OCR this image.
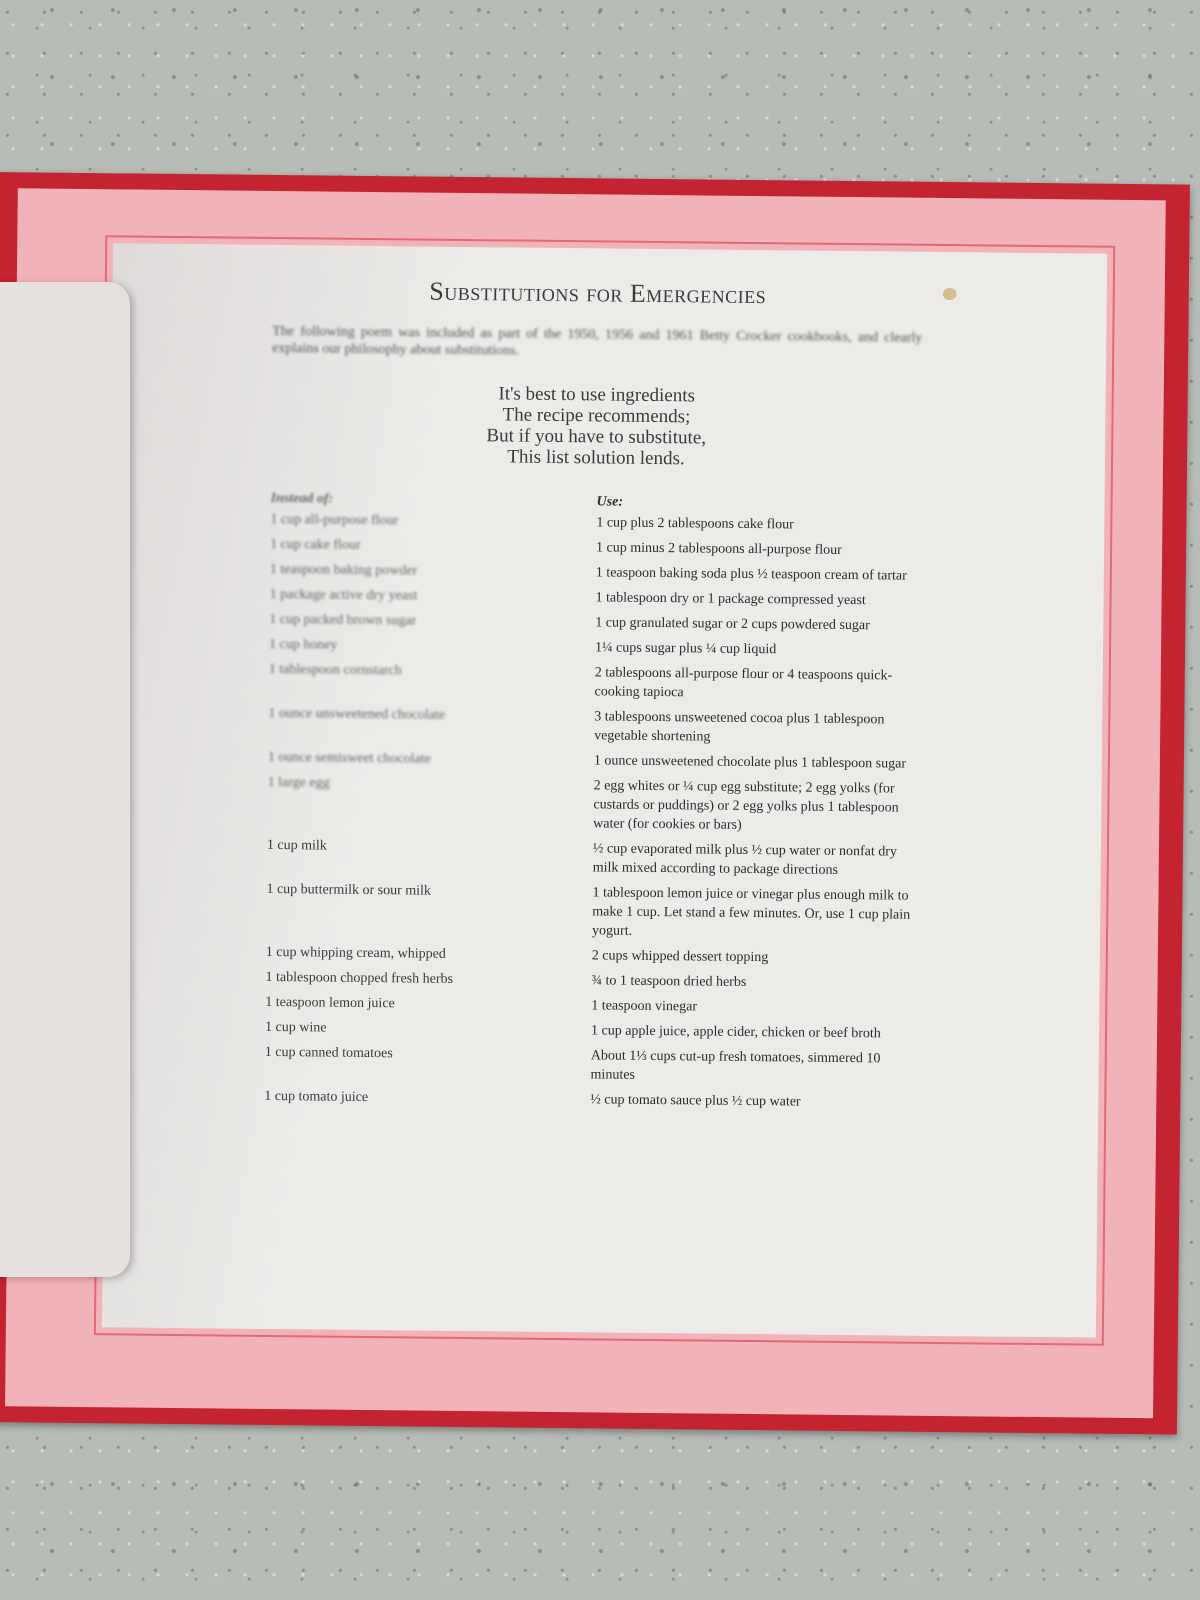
Substitutions for Emergencies

The following poem was included as part of the 1950, 1956 and 1961 Betty Crocker cookbooks, and clearly explains our philosophy about substitutions.

It's best to use ingredients
The recipe recommends;
But if you have to substitute,
This list solution lends.
Instead of:	Use:
1 cup all-purpose flour	1 cup plus 2 tablespoons cake flour
1 cup cake flour	1 cup minus 2 tablespoons all-purpose flour
1 teaspoon baking powder	1 teaspoon baking soda plus ½ teaspoon cream of tartar
1 package active dry yeast	1 tablespoon dry or 1 package compressed yeast
1 cup packed brown sugar	1 cup granulated sugar or 2 cups powdered sugar
1 cup honey	1¼ cups sugar plus ¼ cup liquid
1 tablespoon cornstarch	2 tablespoons all-purpose flour or 4 teaspoons quick-cooking tapioca
1 ounce unsweetened chocolate	3 tablespoons unsweetened cocoa plus 1 tablespoon vegetable shortening
1 ounce semisweet chocolate	1 ounce unsweetened chocolate plus 1 tablespoon sugar
1 large egg	2 egg whites or ¼ cup egg substitute; 2 egg yolks (for custards or puddings) or 2 egg yolks plus 1 tablespoon water (for cookies or bars)
1 cup milk	½ cup evaporated milk plus ½ cup water or nonfat dry milk mixed according to package directions
1 cup buttermilk or sour milk	1 tablespoon lemon juice or vinegar plus enough milk to make 1 cup. Let stand a few minutes. Or, use 1 cup plain yogurt.
1 cup whipping cream, whipped	2 cups whipped dessert topping
1 tablespoon chopped fresh herbs	¾ to 1 teaspoon dried herbs
1 teaspoon lemon juice	1 teaspoon vinegar
1 cup wine	1 cup apple juice, apple cider, chicken or beef broth
1 cup canned tomatoes	About 1⅓ cups cut-up fresh tomatoes, simmered 10 minutes
1 cup tomato juice	½ cup tomato sauce plus ½ cup water
